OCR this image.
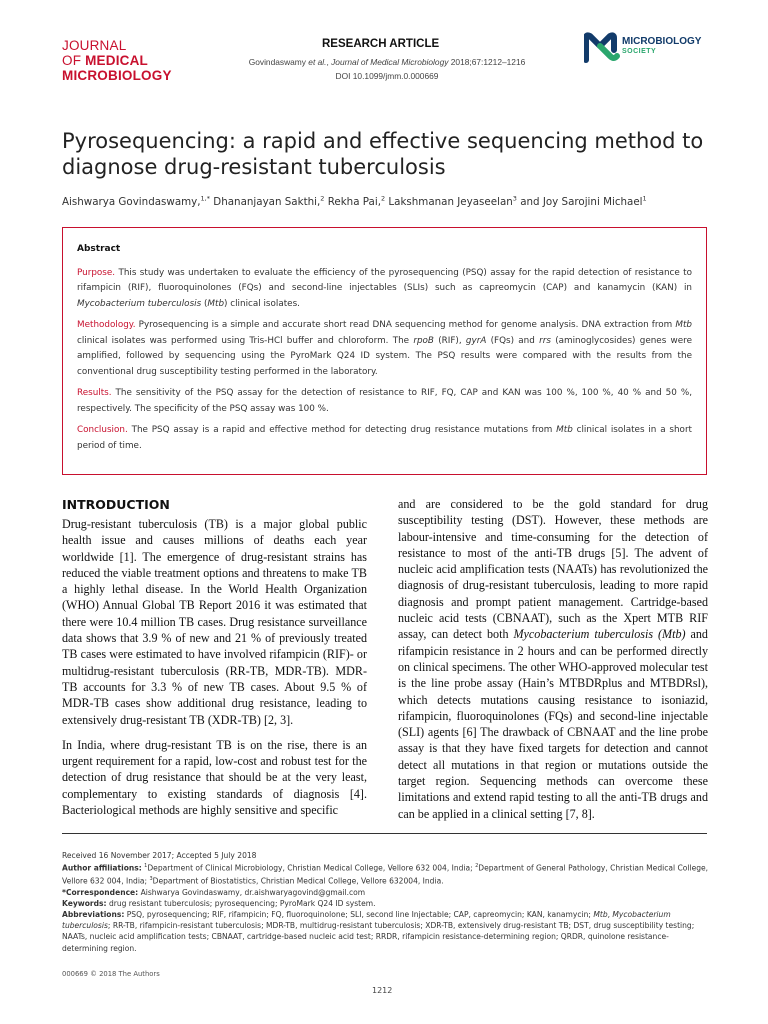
JOURNAL
OF MEDICAL
MICROBIOLOGY
RESEARCH ARTICLE
Govindaswamy et al., Journal of Medical Microbiology 2018;67:1212–1216
DOI 10.1099/jmm.0.000669
MICROBIOLOGY
SOCIETY
Pyrosequencing: a rapid and effective sequencing method to diagnose drug-resistant tuberculosis
Aishwarya Govindaswamy,$^{1,*}$ Dhananjayan Sakthi,$^2$ Rekha Pai,$^2$ Lakshmanan Jeyaseelan$^3$ and Joy Sarojini Michael$^1$

Abstract

Purpose. This study was undertaken to evaluate the efficiency of the pyrosequencing (PSQ) assay for the rapid detection of resistance to rifampicin (RIF), fluoroquinolones (FQs) and second-line injectables (SLIs) such as capreomycin (CAP) and kanamycin (KAN) in Mycobacterium tuberculosis (Mtb) clinical isolates.

Methodology. Pyrosequencing is a simple and accurate short read DNA sequencing method for genome analysis. DNA extraction from Mtb clinical isolates was performed using Tris-HCl buffer and chloroform. The rpoB (RIF), gyrA (FQs) and rrs (aminoglycosides) genes were amplified, followed by sequencing using the PyroMark Q24 ID system. The PSQ results were compared with the results from the conventional drug susceptibility testing performed in the laboratory.

Results. The sensitivity of the PSQ assay for the detection of resistance to RIF, FQ, CAP and KAN was 100 %, 100 %, 40 % and 50 %, respectively. The specificity of the PSQ assay was 100 %.

Conclusion. The PSQ assay is a rapid and effective method for detecting drug resistance mutations from Mtb clinical isolates in a short period of time.

INTRODUCTION

Drug-resistant tuberculosis (TB) is a major global public health issue and causes millions of deaths each year worldwide [1]. The emergence of drug-resistant strains has reduced the viable treatment options and threatens to make TB a highly lethal disease. In the World Health Organization (WHO) Annual Global TB Report 2016 it was estimated that there were 10.4 million TB cases. Drug resistance surveillance data shows that 3.9 % of new and 21 % of previously treated TB cases were estimated to have involved rifampicin (RIF)- or multidrug-resistant tuberculosis (RR-TB, MDR-TB). MDR-TB accounts for 3.3 % of new TB cases. About 9.5 % of MDR-TB cases show additional drug resistance, leading to extensively drug-resistant TB (XDR-TB) [2, 3].

In India, where drug-resistant TB is on the rise, there is an urgent requirement for a rapid, low-cost and robust test for the detection of drug resistance that should be at the very least, complementary to existing standards of diagnosis [4]. Bacteriological methods are highly sensitive and specific

and are considered to be the gold standard for drug susceptibility testing (DST). However, these methods are labour-intensive and time-consuming for the detection of resistance to most of the anti-TB drugs [5]. The advent of nucleic acid amplification tests (NAATs) has revolutionized the diagnosis of drug-resistant tuberculosis, leading to more rapid diagnosis and prompt patient management. Cartridge-based nucleic acid tests (CBNAAT), such as the Xpert MTB RIF assay, can detect both Mycobacterium tuberculosis (Mtb) and rifampicin resistance in 2 hours and can be performed directly on clinical specimens. The other WHO-approved molecular test is the line probe assay (Hain’s MTBDRplus and MTBDRsl), which detects mutations causing resistance to isoniazid, rifampicin, fluoroquinolones (FQs) and second-line injectable (SLI) agents [6] The drawback of CBNAAT and the line probe assay is that they have fixed targets for detection and cannot detect all mutations in that region or mutations outside the target region. Sequencing methods can overcome these limitations and extend rapid testing to all the anti-TB drugs and can be applied in a clinical setting [7, 8].

Received 16 November 2017; Accepted 5 July 2018
Author affiliations: $^1$Department of Clinical Microbiology, Christian Medical College, Vellore 632 004, India; $^2$Department of General Pathology, Christian Medical College, Vellore 632 004, India; $^3$Department of Biostatistics, Christian Medical College, Vellore 632004, India.
*Correspondence: Aishwarya Govindaswamy, dr.aishwaryagovind@gmail.com
Keywords: drug resistant tuberculosis; pyrosequencing; PyroMark Q24 ID system.
Abbreviations: PSQ, pyrosequencing; RIF, rifampicin; FQ, fluoroquinolone; SLI, second line Injectable; CAP, capreomycin; KAN, kanamycin; Mtb, Mycobacterium tuberculosis; RR-TB, rifampicin-resistant tuberculosis; MDR-TB, multidrug-resistant tuberculosis; XDR-TB, extensively drug-resistant TB; DST, drug susceptibility testing; NAATs, nucleic acid amplification tests; CBNAAT, cartridge-based nucleic acid test; RRDR, rifampicin resistance-determining region; QRDR, quinolone resistance-determining region.
000669 © 2018 The Authors
1212
